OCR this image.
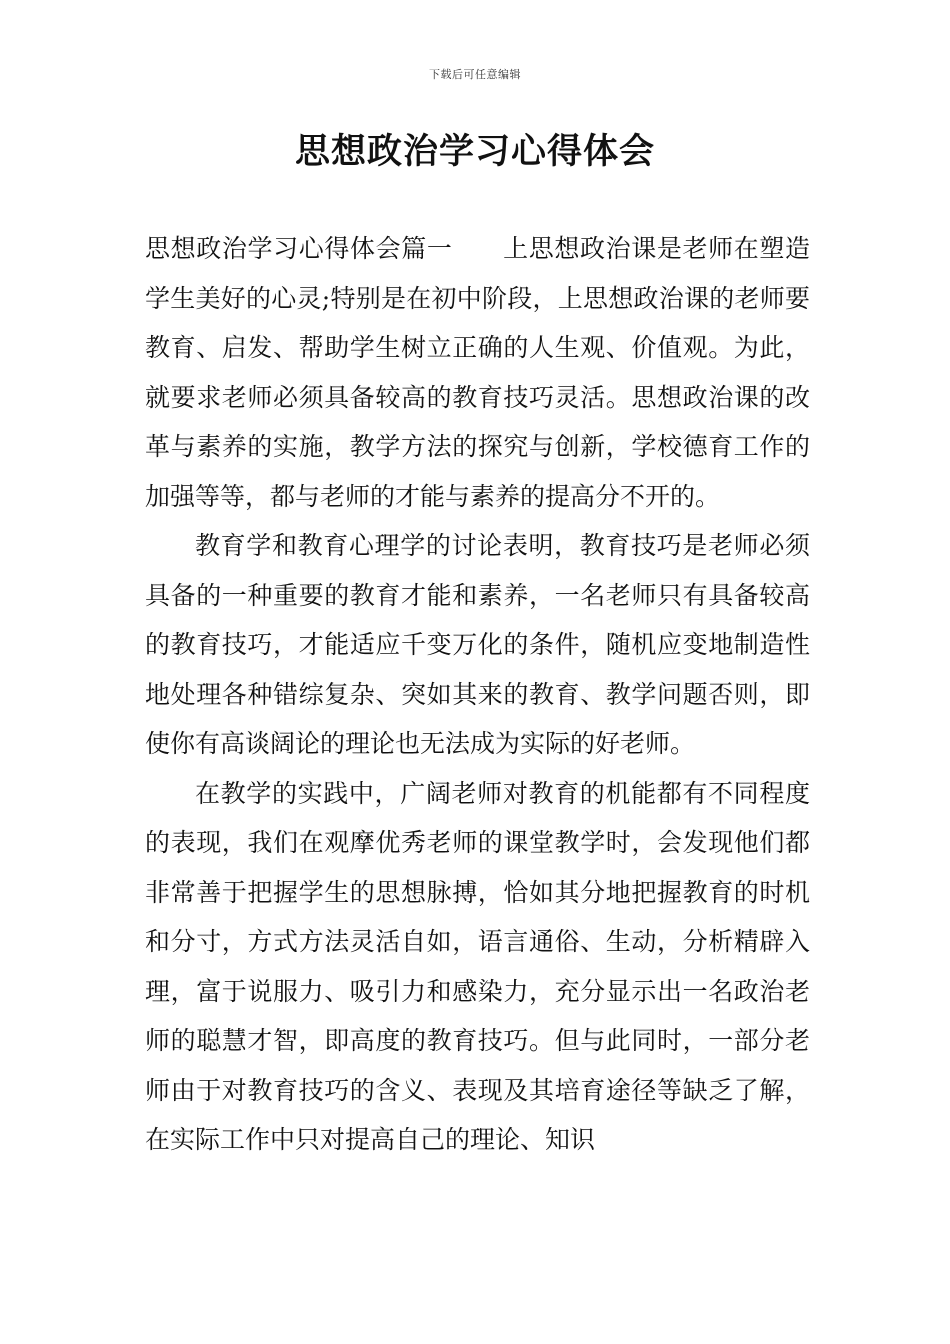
下载后可任意编辑
思想政治学习心得体会

思想政治学习心得体会篇一 上思想政治课是老师在塑造学生美好的心灵;特别是在初中阶段，上思想政治课的老师要教育、启发、帮助学生树立正确的人生观、价值观。为此，就要求老师必须具备较高的教育技巧灵活。思想政治课的改革与素养的实施，教学方法的探究与创新，学校德育工作的加强等等，都与老师的才能与素养的提高分不开的。

教育学和教育心理学的讨论表明，教育技巧是老师必须具备的一种重要的教育才能和素养，一名老师只有具备较高的教育技巧，才能适应千变万化的条件，随机应变地制造性地处理各种错综复杂、突如其来的教育、教学问题否则，即使你有高谈阔论的理论也无法成为实际的好老师。

在教学的实践中，广阔老师对教育的机能都有不同程度的表现，我们在观摩优秀老师的课堂教学时，会发现他们都非常善于把握学生的思想脉搏，恰如其分地把握教育的时机和分寸，方式方法灵活自如，语言通俗、生动，分析精辟入理，富于说服力、吸引力和感染力，充分显示出一名政治老师的聪慧才智，即高度的教育技巧。但与此同时，一部分老师由于对教育技巧的含义、表现及其培育途径等缺乏了解，在实际工作中只对提高自己的理论、知识
